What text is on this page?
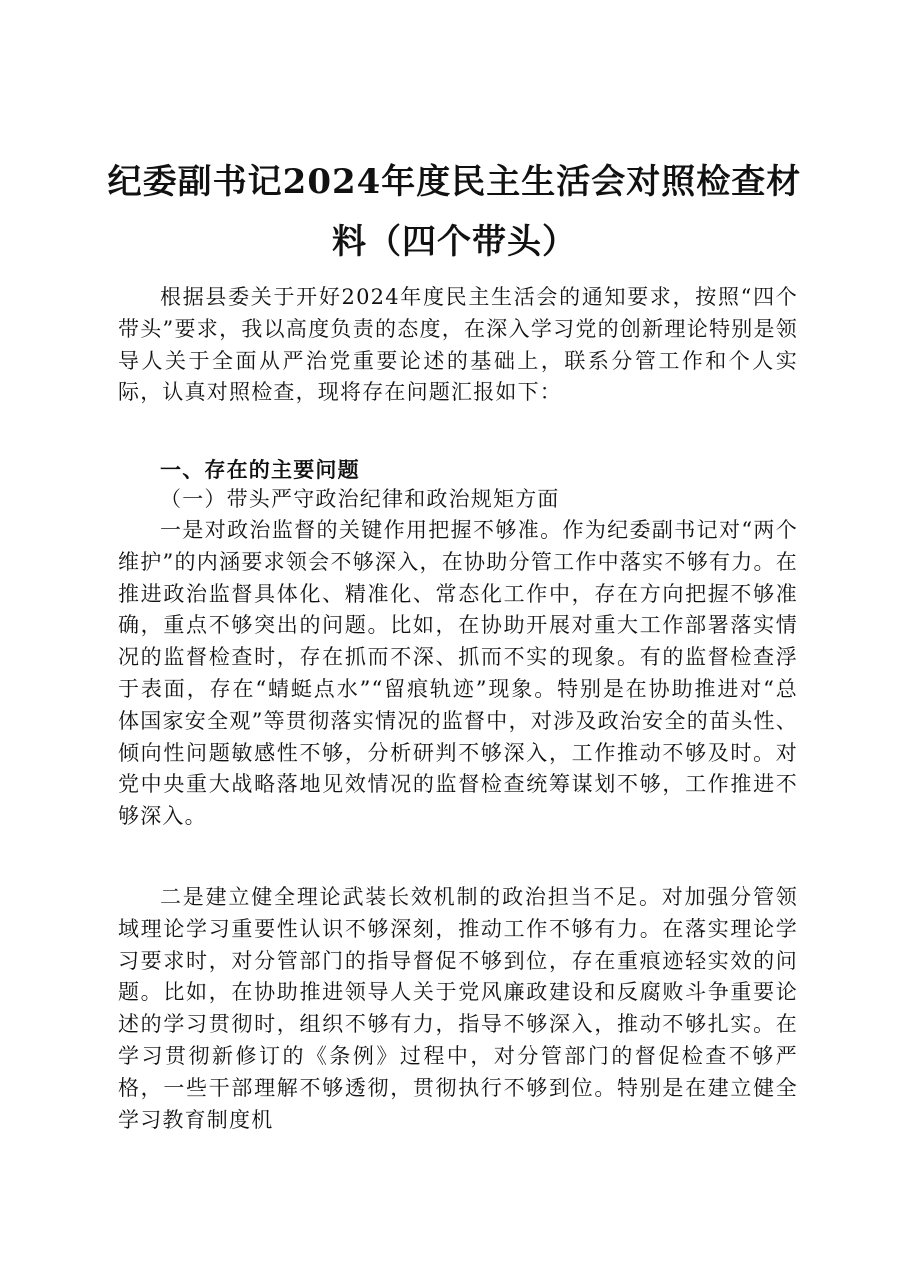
纪委副书记2024年度民主生活会对照检查材料（四个带头）

根据县委关于开好2024年度民主生活会的通知要求，按照“四个带头”要求，我以高度负责的态度，在深入学习党的创新理论特别是领导人关于全面从严治党重要论述的基础上，联系分管工作和个人实际，认真对照检查，现将存在问题汇报如下：

一、存在的主要问题

（一）带头严守政治纪律和政治规矩方面

一是对政治监督的关键作用把握不够准。作为纪委副书记对“两个维护”的内涵要求领会不够深入，在协助分管工作中落实不够有力。在推进政治监督具体化、精准化、常态化工作中，存在方向把握不够准确，重点不够突出的问题。比如，在协助开展对重大工作部署落实情况的监督检查时，存在抓而不深、抓而不实的现象。有的监督检查浮于表面，存在“蜻蜓点水”“留痕轨迹”现象。特别是在协助推进对“总体国家安全观”等贯彻落实情况的监督中，对涉及政治安全的苗头性、倾向性问题敏感性不够，分析研判不够深入，工作推动不够及时。对党中央重大战略落地见效情况的监督检查统筹谋划不够，工作推进不够深入。

二是建立健全理论武装长效机制的政治担当不足。对加强分管领域理论学习重要性认识不够深刻，推动工作不够有力。在落实理论学习要求时，对分管部门的指导督促不够到位，存在重痕迹轻实效的问题。比如，在协助推进领导人关于党风廉政建设和反腐败斗争重要论述的学习贯彻时，组织不够有力，指导不够深入，推动不够扎实。在学习贯彻新修订的《条例》过程中，对分管部门的督促检查不够严格，一些干部理解不够透彻，贯彻执行不够到位。特别是在建立健全学习教育制度机
